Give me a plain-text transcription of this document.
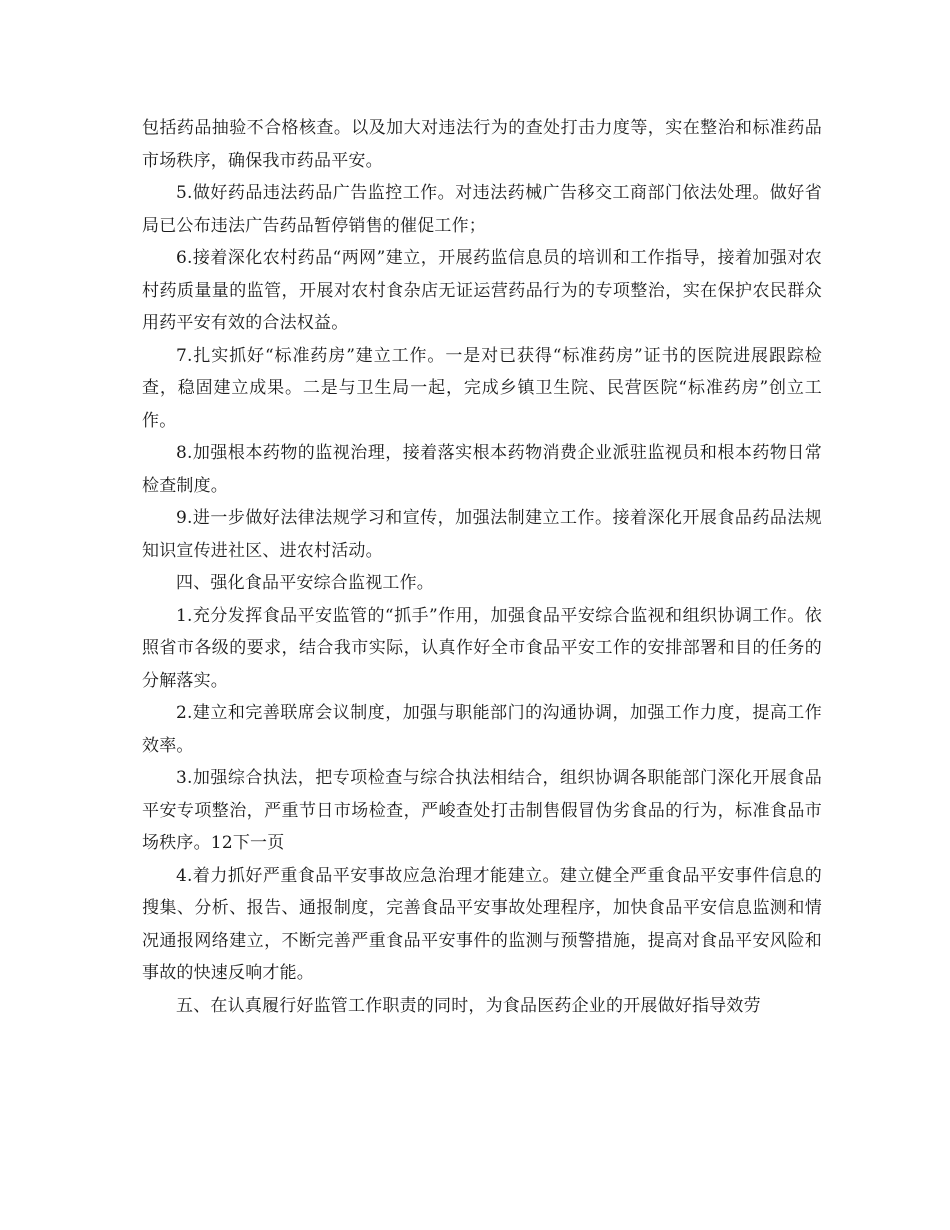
包括药品抽验不合格核查。以及加大对违法行为的查处打击力度等，实在整治和标准药品市场秩序，确保我市药品平安。

5.做好药品违法药品广告监控工作。对违法药械广告移交工商部门依法处理。做好省局已公布违法广告药品暂停销售的催促工作；

6.接着深化农村药品“两网”建立，开展药监信息员的培训和工作指导，接着加强对农村药质量量的监管，开展对农村食杂店无证运营药品行为的专项整治，实在保护农民群众用药平安有效的合法权益。

7.扎实抓好“标准药房”建立工作。一是对已获得“标准药房”证书的医院进展跟踪检查，稳固建立成果。二是与卫生局一起，完成乡镇卫生院、民营医院“标准药房”创立工作。

8.加强根本药物的监视治理，接着落实根本药物消费企业派驻监视员和根本药物日常检查制度。

9.进一步做好法律法规学习和宣传，加强法制建立工作。接着深化开展食品药品法规知识宣传进社区、进农村活动。

四、强化食品平安综合监视工作。

1.充分发挥食品平安监管的“抓手”作用，加强食品平安综合监视和组织协调工作。依照省市各级的要求，结合我市实际，认真作好全市食品平安工作的安排部署和目的任务的分解落实。

2.建立和完善联席会议制度，加强与职能部门的沟通协调，加强工作力度，提高工作效率。

3.加强综合执法，把专项检查与综合执法相结合，组织协调各职能部门深化开展食品平安专项整治，严重节日市场检查，严峻查处打击制售假冒伪劣食品的行为，标准食品市场秩序。12下一页

4.着力抓好严重食品平安事故应急治理才能建立。建立健全严重食品平安事件信息的搜集、分析、报告、通报制度，完善食品平安事故处理程序，加快食品平安信息监测和情况通报网络建立，不断完善严重食品平安事件的监测与预警措施，提高对食品平安风险和事故的快速反响才能。

五、在认真履行好监管工作职责的同时，为食品医药企业的开展做好指导效劳
